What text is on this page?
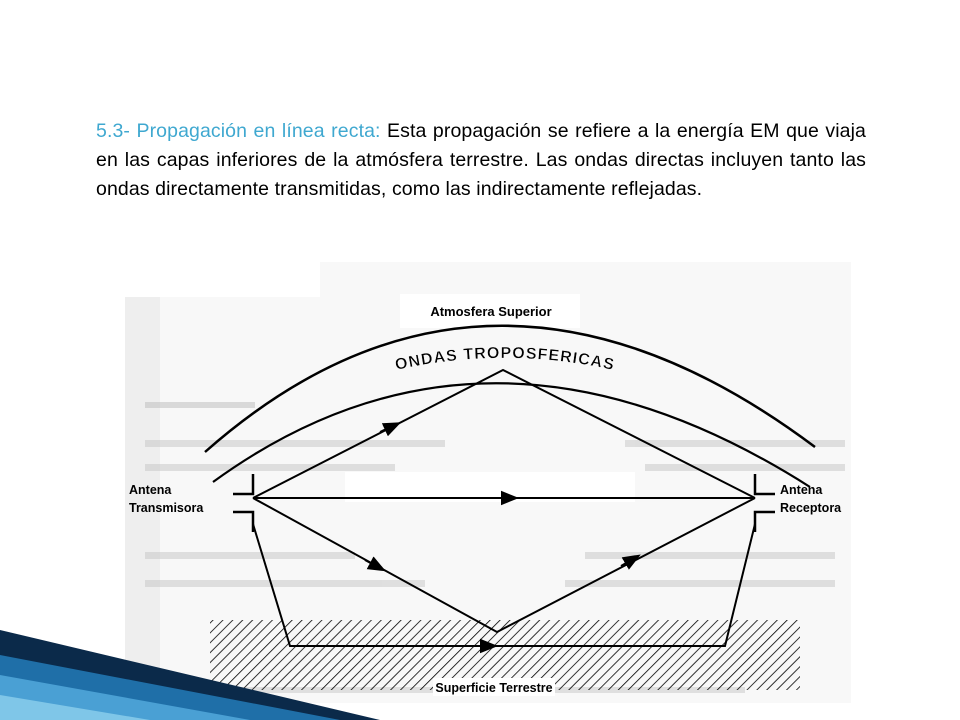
5.3- Propagación en línea recta: Esta propagación se refiere a la energía EM que viaja en las capas inferiores de la atmósfera terrestre. Las ondas directas incluyen tanto las ondas directamente transmitidas, como las indirectamente reflejadas.
Atmosfera Superior
ONDAS TROPOSFERICAS
Antena Transmisora
Antena Receptora
Superficie Terrestre
